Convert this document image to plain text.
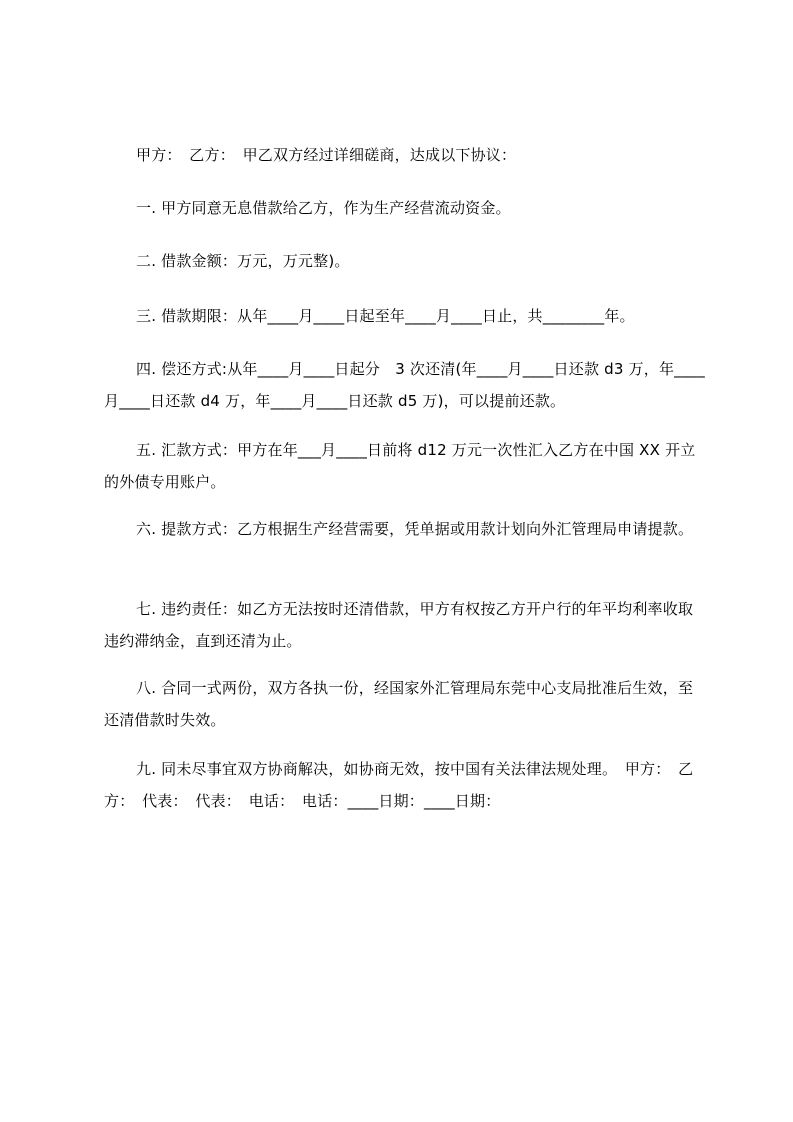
甲方：　乙方：　甲乙双方经过详细磋商，达成以下协议：

一. 甲方同意无息借款给乙方，作为生产经营流动资金。

二. 借款金额：万元，万元整)。

三. 借款期限：从年____月____日起至年____月____日止，共________年。

四. 偿还方式:从年____月____日起分　3 次还清(年____月____日还款 d3 万，年____月____日还款 d4 万，年____月____日还款 d5 万)，可以提前还款。

五. 汇款方式：甲方在年___月____日前将 d12 万元一次性汇入乙方在中国 XX 开立的外债专用账户。

六. 提款方式：乙方根据生产经营需要，凭单据或用款计划向外汇管理局申请提款。

七. 违约责任：如乙方无法按时还清借款，甲方有权按乙方开户行的年平均利率收取违约滞纳金，直到还清为止。

八. 合同一式两份，双方各执一份，经国家外汇管理局东莞中心支局批准后生效，至还清借款时失效。

九. 同未尽事宜双方协商解决，如协商无效，按中国有关法律法规处理。　甲方：　乙方：　代表：　代表：　电话：　电话：____日期：____日期：
